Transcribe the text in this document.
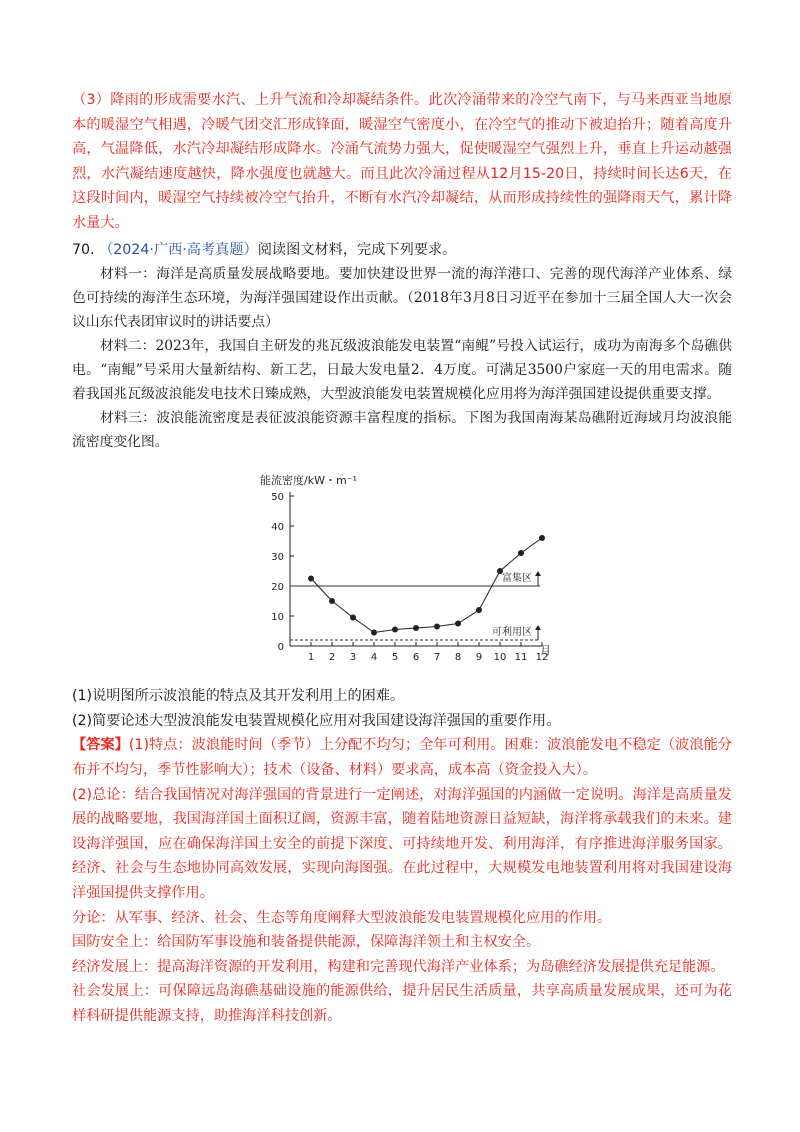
（3）降雨的形成需要水汽、上升气流和冷却凝结条件。此次冷涌带来的冷空气南下，与马来西亚当地原本的暖湿空气相遇，冷暖气团交汇形成锋面，暖湿空气密度小，在冷空气的推动下被迫抬升；随着高度升高，气温降低，水汽冷却凝结形成降水。冷涌气流势力强大，促使暖湿空气强烈上升，垂直上升运动越强烈，水汽凝结速度越快，降水强度也就越大。而且此次冷涌过程从12月15-20日，持续时间长达6天，在这段时间内，暖湿空气持续被冷空气抬升，不断有水汽冷却凝结，从而形成持续性的强降雨天气，累计降水量大。

70. （2024·广西·高考真题）阅读图文材料，完成下列要求。

材料一：海洋是高质量发展战略要地。要加快建设世界一流的海洋港口、完善的现代海洋产业体系、绿色可持续的海洋生态环境，为海洋强国建设作出贡献。（2018年3月8日习近平在参加十三届全国人大一次会议山东代表团审议时的讲话要点）

材料二：2023年，我国自主研发的兆瓦级波浪能发电装置“南鲲”号投入试运行，成功为南海多个岛礁供电。“南鲲”号采用大量新结构、新工艺，日最大发电量2．4万度。可满足3500户家庭一天的用电需求。随着我国兆瓦级波浪能发电技术日臻成熟，大型波浪能发电装置规模化应用将为海洋强国建设提供重要支撑。

材料三：波浪能流密度是表征波浪能资源丰富程度的指标。下图为我国南海某岛礁附近海域月均波浪能流密度变化图。

能流密度/kW・m⁻¹
月
0
10
20
30
40
50
1 2 3 4 5 6 7 8 9 10 11 12
富集区
可利用区

(1)说明图所示波浪能的特点及其开发利用上的困难。

(2)简要论述大型波浪能发电装置规模化应用对我国建设海洋强国的重要作用。

【答案】(1)特点：波浪能时间（季节）上分配不均匀；全年可利用。困难：波浪能发电不稳定（波浪能分布并不均匀，季节性影响大）；技术（设备、材料）要求高，成本高（资金投入大）。

(2)总论：结合我国情况对海洋强国的背景进行一定阐述，对海洋强国的内涵做一定说明。海洋是高质量发展的战略要地，我国海洋国土面积辽阔，资源丰富，随着陆地资源日益短缺，海洋将承载我们的未来。建设海洋强国，应在确保海洋国土安全的前提下深度、可持续地开发、利用海洋，有序推进海洋服务国家。经济、社会与生态地协同高效发展，实现向海图强。在此过程中，大规模发电地装置利用将对我国建设海洋强国提供支撑作用。

分论：从军事、经济、社会、生态等角度阐释大型波浪能发电装置规模化应用的作用。

国防安全上：给国防军事设施和装备提供能源，保障海洋领土和主权安全。

经济发展上：提高海洋资源的开发利用，构建和完善现代海洋产业体系；为岛礁经济发展提供充足能源。

社会发展上：可保障远岛海礁基础设施的能源供给，提升居民生活质量，共享高质量发展成果，还可为花样科研提供能源支持，助推海洋科技创新。
